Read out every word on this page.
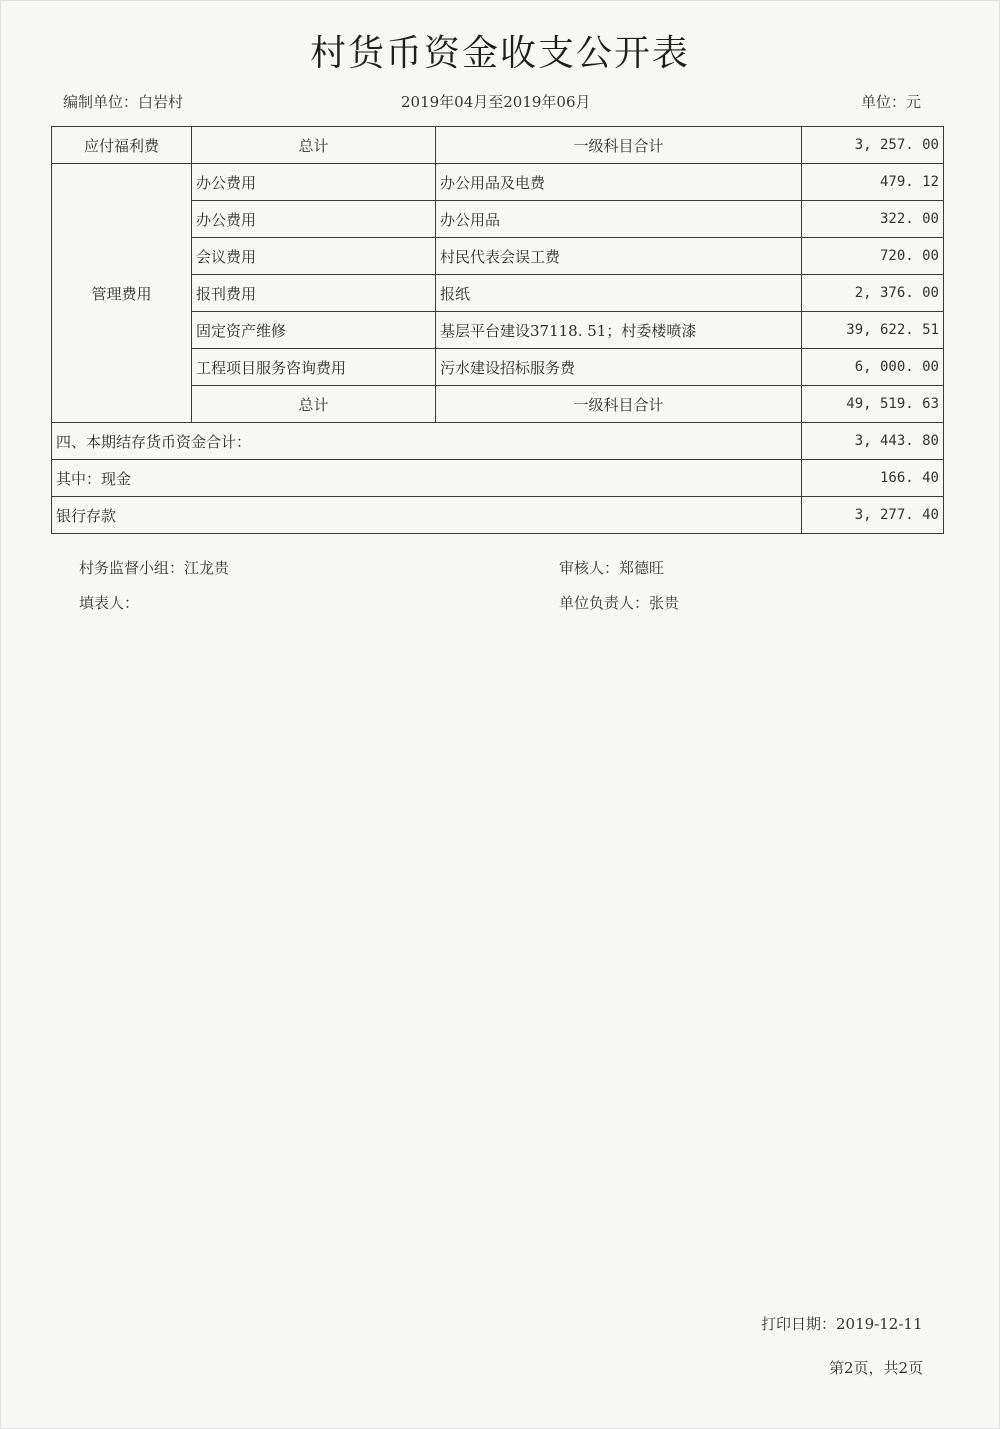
村货币资金收支公开表
编制单位：白岩村	2019年04月至2019年06月	单位：元
应付福利费	总计	一级科目合计	3, 257. 00
管理费用	办公费用	办公用品及电费	479. 12
	办公费用	办公用品	322. 00
	会议费用	村民代表会误工费	720. 00
	报刊费用	报纸	2, 376. 00
	固定资产维修	基层平台建设37118. 51；村委楼喷漆	39, 622. 51
	工程项目服务咨询费用	污水建设招标服务费	6, 000. 00
	总计	一级科目合计	49, 519. 63
四、本期结存货币资金合计：			3, 443. 80
其中：现金			166. 40
银行存款			3, 277. 40
村务监督小组：江龙贵	审核人：郑德旺
填表人：	单位负责人：张贵
打印日期：2019-12-11
第2页，共2页
